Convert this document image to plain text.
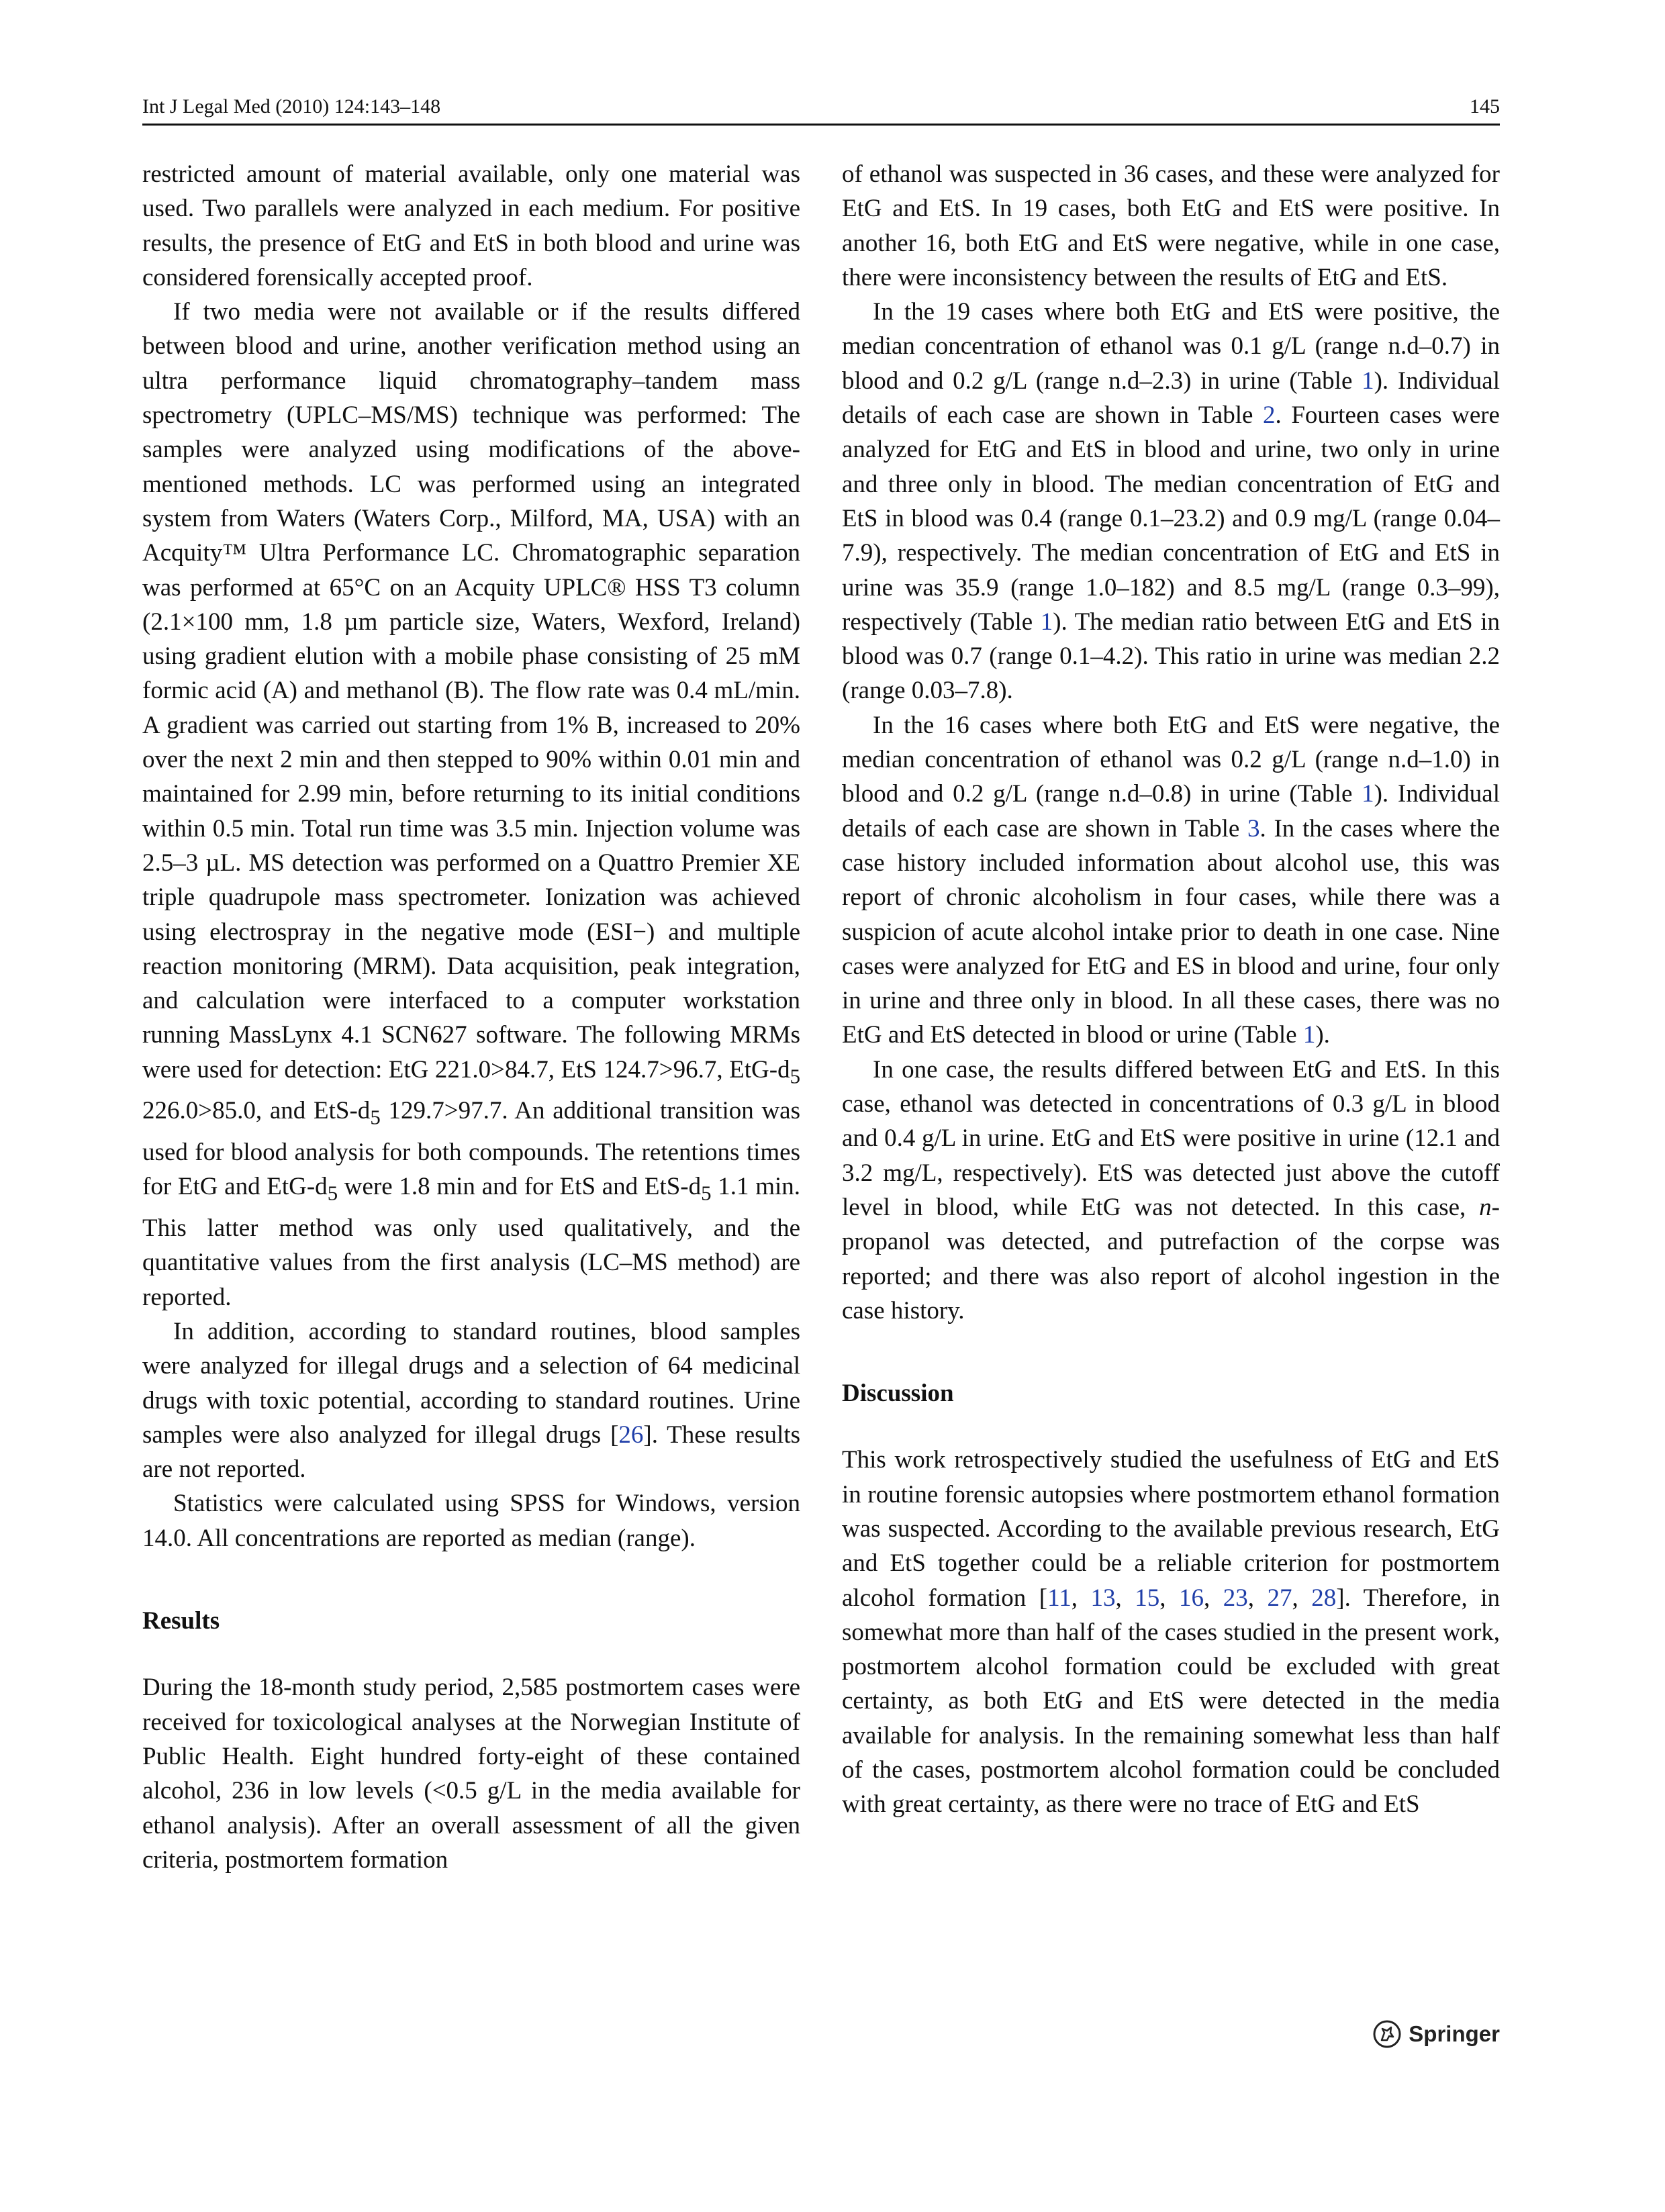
Int J Legal Med (2010) 124:143–148	145

restricted amount of material available, only one material was used. Two parallels were analyzed in each medium. For positive results, the presence of EtG and EtS in both blood and urine was considered forensically accepted proof.

If two media were not available or if the results differed between blood and urine, another verification method using an ultra performance liquid chromatography–tandem mass spectrometry (UPLC–MS/MS) technique was performed: The samples were analyzed using modifications of the above-mentioned methods. LC was performed using an integrated system from Waters (Waters Corp., Milford, MA, USA) with an Acquity™ Ultra Performance LC. Chromatographic separation was performed at 65°C on an Acquity UPLC® HSS T3 column (2.1×100 mm, 1.8 µm particle size, Waters, Wexford, Ireland) using gradient elution with a mobile phase consisting of 25 mM formic acid (A) and methanol (B). The flow rate was 0.4 mL/min. A gradient was carried out starting from 1% B, increased to 20% over the next 2 min and then stepped to 90% within 0.01 min and maintained for 2.99 min, before returning to its initial conditions within 0.5 min. Total run time was 3.5 min. Injection volume was 2.5–3 µL. MS detection was performed on a Quattro Premier XE triple quadrupole mass spectrometer. Ionization was achieved using electrospray in the negative mode (ESI−) and multiple reaction monitoring (MRM). Data acquisition, peak integration, and calculation were interfaced to a computer workstation running MassLynx 4.1 SCN627 software. The following MRMs were used for detection: EtG 221.0>84.7, EtS 124.7>96.7, EtG-$d_5$ 226.0>85.0, and EtS-$d_5$ 129.7>97.7. An additional transition was used for blood analysis for both compounds. The retentions times for EtG and EtG-$d_5$ were 1.8 min and for EtS and EtS-$d_5$ 1.1 min. This latter method was only used qualitatively, and the quantitative values from the first analysis (LC–MS method) are reported.

In addition, according to standard routines, blood samples were analyzed for illegal drugs and a selection of 64 medicinal drugs with toxic potential, according to standard routines. Urine samples were also analyzed for illegal drugs [26]. These results are not reported.

Statistics were calculated using SPSS for Windows, version 14.0. All concentrations are reported as median (range).

Results

During the 18-month study period, 2,585 postmortem cases were received for toxicological analyses at the Norwegian Institute of Public Health. Eight hundred forty-eight of these contained alcohol, 236 in low levels (<0.5 g/L in the media available for ethanol analysis). After an overall assessment of all the given criteria, postmortem formation

of ethanol was suspected in 36 cases, and these were analyzed for EtG and EtS. In 19 cases, both EtG and EtS were positive. In another 16, both EtG and EtS were negative, while in one case, there were inconsistency between the results of EtG and EtS.

In the 19 cases where both EtG and EtS were positive, the median concentration of ethanol was 0.1 g/L (range n.d–0.7) in blood and 0.2 g/L (range n.d–2.3) in urine (Table 1). Individual details of each case are shown in Table 2. Fourteen cases were analyzed for EtG and EtS in blood and urine, two only in urine and three only in blood. The median concentration of EtG and EtS in blood was 0.4 (range 0.1–23.2) and 0.9 mg/L (range 0.04–7.9), respectively. The median concentration of EtG and EtS in urine was 35.9 (range 1.0–182) and 8.5 mg/L (range 0.3–99), respectively (Table 1). The median ratio between EtG and EtS in blood was 0.7 (range 0.1–4.2). This ratio in urine was median 2.2 (range 0.03–7.8).

In the 16 cases where both EtG and EtS were negative, the median concentration of ethanol was 0.2 g/L (range n.d–1.0) in blood and 0.2 g/L (range n.d–0.8) in urine (Table 1). Individual details of each case are shown in Table 3. In the cases where the case history included information about alcohol use, this was report of chronic alcoholism in four cases, while there was a suspicion of acute alcohol intake prior to death in one case. Nine cases were analyzed for EtG and ES in blood and urine, four only in urine and three only in blood. In all these cases, there was no EtG and EtS detected in blood or urine (Table 1).

In one case, the results differed between EtG and EtS. In this case, ethanol was detected in concentrations of 0.3 g/L in blood and 0.4 g/L in urine. EtG and EtS were positive in urine (12.1 and 3.2 mg/L, respectively). EtS was detected just above the cutoff level in blood, while EtG was not detected. In this case, n-propanol was detected, and putrefaction of the corpse was reported; and there was also report of alcohol ingestion in the case history.

Discussion

This work retrospectively studied the usefulness of EtG and EtS in routine forensic autopsies where postmortem ethanol formation was suspected. According to the available previous research, EtG and EtS together could be a reliable criterion for postmortem alcohol formation [11, 13, 15, 16, 23, 27, 28]. Therefore, in somewhat more than half of the cases studied in the present work, postmortem alcohol formation could be excluded with great certainty, as both EtG and EtS were detected in the media available for analysis. In the remaining somewhat less than half of the cases, postmortem alcohol formation could be concluded with great certainty, as there were no trace of EtG and EtS

Springer
